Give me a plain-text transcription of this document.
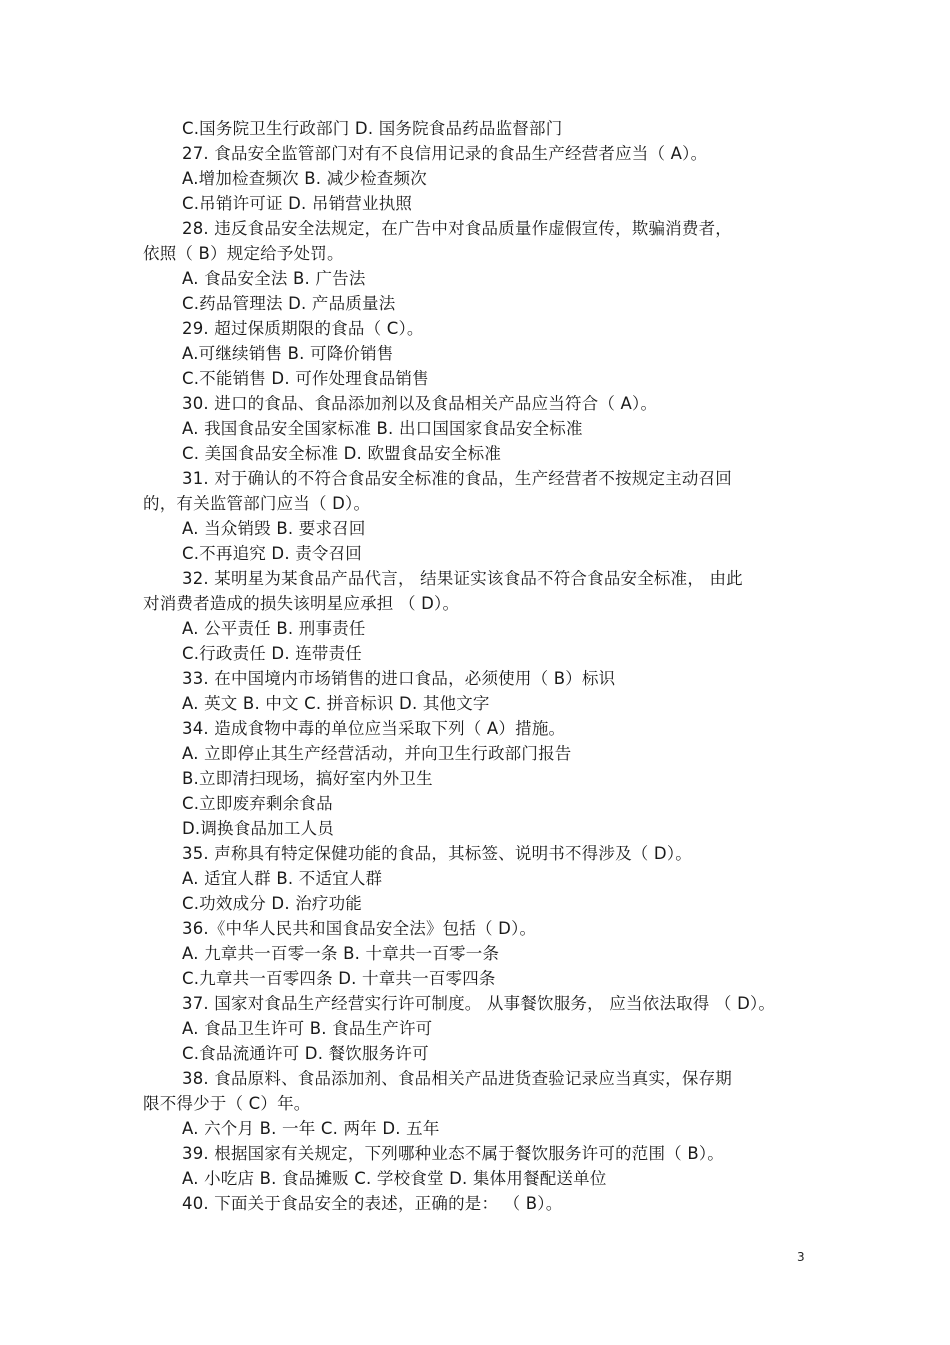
C.国务院卫生行政部门 D. 国务院食品药品监督部门
27. 食品安全监管部门对有不良信用记录的食品生产经营者应当（ A）。
A.增加检查频次 B. 减少检查频次
C.吊销许可证 D. 吊销营业执照
28. 违反食品安全法规定，在广告中对食品质量作虚假宣传，欺骗消费者，
依照（ B）规定给予处罚。
A. 食品安全法 B. 广告法
C.药品管理法 D. 产品质量法
29. 超过保质期限的食品（ C）。
A.可继续销售 B. 可降价销售
C.不能销售 D. 可作处理食品销售
30. 进口的食品、食品添加剂以及食品相关产品应当符合（ A）。
A. 我国食品安全国家标准 B. 出口国国家食品安全标准
C. 美国食品安全标准 D. 欧盟食品安全标准
31. 对于确认的不符合食品安全标准的食品，生产经营者不按规定主动召回
的，有关监管部门应当（ D）。
A. 当众销毁 B. 要求召回
C.不再追究 D. 责令召回
32. 某明星为某食品产品代言， 结果证实该食品不符合食品安全标准， 由此
对消费者造成的损失该明星应承担 （ D）。
A. 公平责任 B. 刑事责任
C.行政责任 D. 连带责任
33. 在中国境内市场销售的进口食品，必须使用（ B）标识
A. 英文 B. 中文 C. 拼音标识 D. 其他文字
34. 造成食物中毒的单位应当采取下列（ A）措施。
A. 立即停止其生产经营活动，并向卫生行政部门报告
B.立即清扫现场，搞好室内外卫生
C.立即废弃剩余食品
D.调换食品加工人员
35. 声称具有特定保健功能的食品，其标签、说明书不得涉及（ D）。
A. 适宜人群 B. 不适宜人群
C.功效成分 D. 治疗功能
36.《中华人民共和国食品安全法》包括（ D）。
A. 九章共一百零一条 B. 十章共一百零一条
C.九章共一百零四条 D. 十章共一百零四条
37. 国家对食品生产经营实行许可制度。 从事餐饮服务， 应当依法取得 （ D）。
A. 食品卫生许可 B. 食品生产许可
C.食品流通许可 D. 餐饮服务许可
38. 食品原料、食品添加剂、食品相关产品进货查验记录应当真实，保存期
限不得少于（ C）年。
A. 六个月 B. 一年 C. 两年 D. 五年
39. 根据国家有关规定，下列哪种业态不属于餐饮服务许可的范围（ B）。
A. 小吃店 B. 食品摊贩 C. 学校食堂 D. 集体用餐配送单位
40. 下面关于食品安全的表述，正确的是： （ B）。
3
